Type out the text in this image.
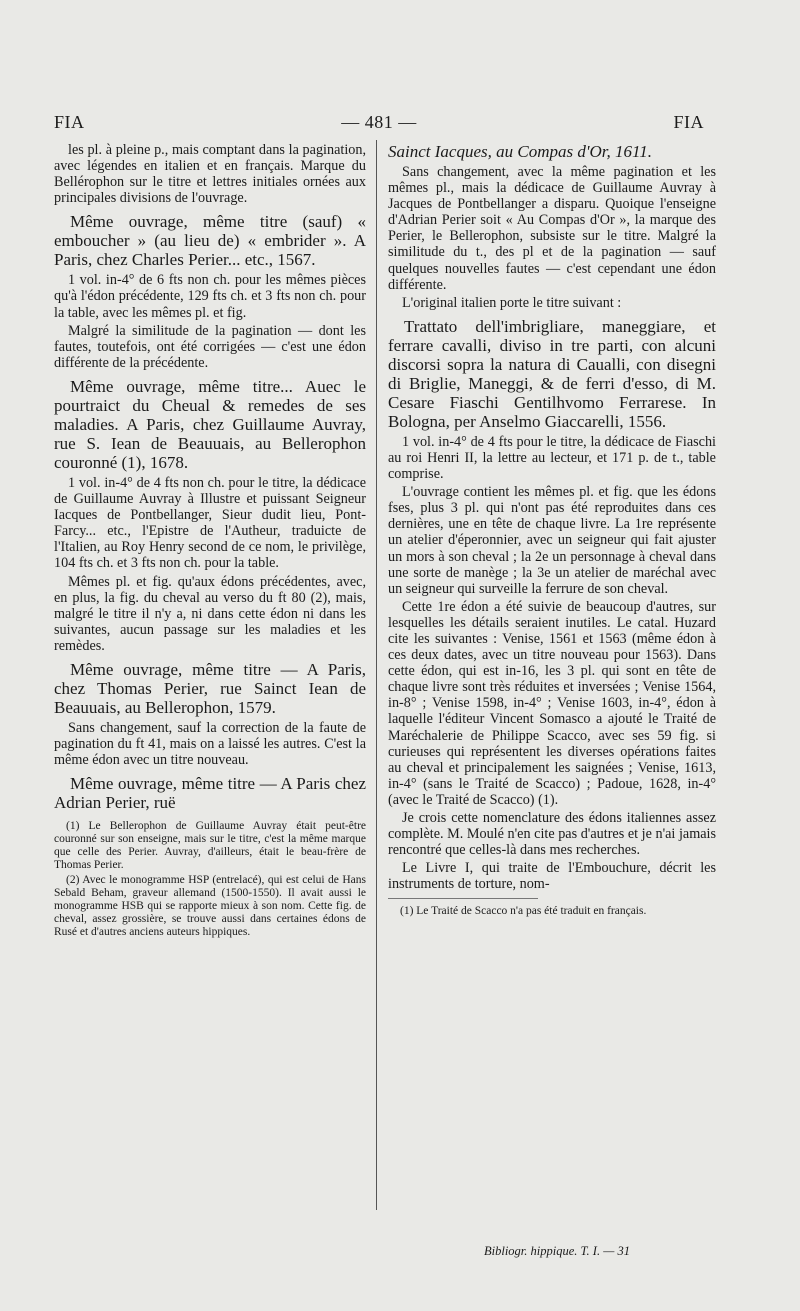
FIA	— 481 —	FIA

les pl. à pleine p., mais comptant dans la pagination, avec légendes en italien et en français. Marque du Bellérophon sur le titre et lettres initiales ornées aux principales divisions de l'ouvrage.

Même ouvrage, même titre (sauf) « emboucher » (au lieu de) « embrider ». A Paris, chez Charles Perier... etc., 1567.

1 vol. in-4° de 6 fts non ch. pour les mêmes pièces qu'à l'édon précédente, 129 fts ch. et 3 fts non ch. pour la table, avec les mêmes pl. et fig.

Malgré la similitude de la pagination — dont les fautes, toutefois, ont été corrigées — c'est une édon différente de la précédente.

Même ouvrage, même titre... Auec le pourtraict du Cheual & remedes de ses maladies. A Paris, chez Guillaume Auvray, rue S. Iean de Beauuais, au Bellerophon couronné (1), 1678.

1 vol. in-4° de 4 fts non ch. pour le titre, la dédicace de Guillaume Auvray à Illustre et puissant Seigneur Iacques de Pontbellanger, Sieur dudit lieu, Pont-Farcy... etc., l'Epistre de l'Autheur, traduicte de l'Italien, au Roy Henry second de ce nom, le privilège, 104 fts ch. et 3 fts non ch. pour la table.

Mêmes pl. et fig. qu'aux édons précédentes, avec, en plus, la fig. du cheval au verso du ft 80 (2), mais, malgré le titre il n'y a, ni dans cette édon ni dans les suivantes, aucun passage sur les maladies et les remèdes.

Même ouvrage, même titre — A Paris, chez Thomas Perier, rue Sainct Iean de Beauuais, au Bellerophon, 1579.

Sans changement, sauf la correction de la faute de pagination du ft 41, mais on a laissé les autres. C'est la même édon avec un titre nouveau.

Même ouvrage, même titre — A Paris chez Adrian Perier, ruë

(1) Le Bellerophon de Guillaume Auvray était peut-être couronné sur son enseigne, mais sur le titre, c'est la même marque que celle des Perier. Auvray, d'ailleurs, était le beau-frère de Thomas Perier.

(2) Avec le monogramme HSP (entrelacé), qui est celui de Hans Sebald Beham, graveur allemand (1500-1550). Il avait aussi le monogramme HSB qui se rapporte mieux à son nom. Cette fig. de cheval, assez grossière, se trouve aussi dans certaines édons de Rusé et d'autres anciens auteurs hippiques.

Sainct Iacques, au Compas d'Or, 1611.

Sans changement, avec la même pagination et les mêmes pl., mais la dédicace de Guillaume Auvray à Jacques de Pontbellanger a disparu. Quoique l'enseigne d'Adrian Perier soit « Au Compas d'Or », la marque des Perier, le Bellerophon, subsiste sur le titre. Malgré la similitude du t., des pl et de la pagination — sauf quelques nouvelles fautes — c'est cependant une édon différente.

L'original italien porte le titre suivant :

Trattato dell'imbrigliare, maneggiare, et ferrare cavalli, diviso in tre parti, con alcuni discorsi sopra la natura di Caualli, con disegni di Briglie, Maneggi, & de ferri d'esso, di M. Cesare Fiaschi Gentilhvomo Ferrarese. In Bologna, per Anselmo Giaccarelli, 1556.

1 vol. in-4° de 4 fts pour le titre, la dédicace de Fiaschi au roi Henri II, la lettre au lecteur, et 171 p. de t., table comprise.

L'ouvrage contient les mêmes pl. et fig. que les édons fses, plus 3 pl. qui n'ont pas été reproduites dans ces dernières, une en tête de chaque livre. La 1re représente un atelier d'éperonnier, avec un seigneur qui fait ajuster un mors à son cheval ; la 2e un personnage à cheval dans une sorte de manège ; la 3e un atelier de maréchal avec un seigneur qui surveille la ferrure de son cheval.

Cette 1re édon a été suivie de beaucoup d'autres, sur lesquelles les détails seraient inutiles. Le catal. Huzard cite les suivantes : Venise, 1561 et 1563 (même édon à ces deux dates, avec un titre nouveau pour 1563). Dans cette édon, qui est in-16, les 3 pl. qui sont en tête de chaque livre sont très réduites et inversées ; Venise 1564, in-8° ; Venise 1598, in-4° ; Venise 1603, in-4°, édon à laquelle l'éditeur Vincent Somasco a ajouté le Traité de Maréchalerie de Philippe Scacco, avec ses 59 fig. si curieuses qui représentent les diverses opérations faites au cheval et principalement les saignées ; Venise, 1613, in-4° (sans le Traité de Scacco) ; Padoue, 1628, in-4° (avec le Traité de Scacco) (1).

Je crois cette nomenclature des édons italiennes assez complète. M. Moulé n'en cite pas d'autres et je n'ai jamais rencontré que celles-là dans mes recherches.

Le Livre I, qui traite de l'Embouchure, décrit les instruments de torture, nom-

(1) Le Traité de Scacco n'a pas été traduit en français.
Bibliogr. hippique. T. I. — 31
